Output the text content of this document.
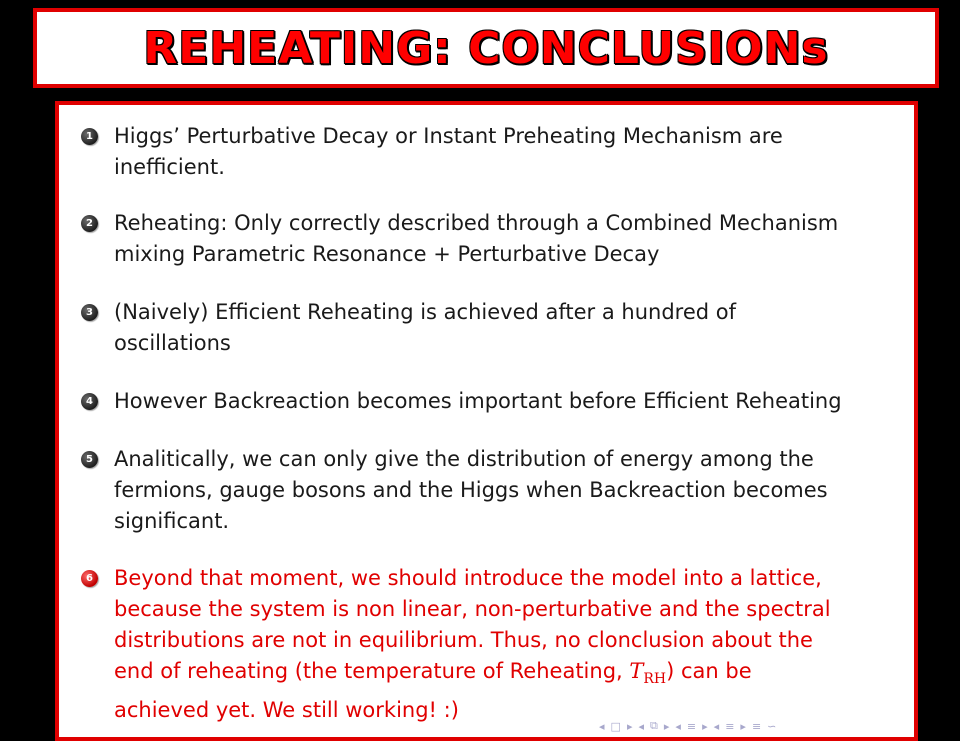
REHEATING: CONCLUSIONs
1 Higgs’ Perturbative Decay or Instant Preheating Mechanism are
inefficient.
2 Reheating: Only correctly described through a Combined Mechanism
mixing Parametric Resonance + Perturbative Decay
3 (Naively) Efficient Reheating is achieved after a hundred of
oscillations
4 However Backreaction becomes important before Efficient Reheating
5 Analitically, we can only give the distribution of energy among the
fermions, gauge bosons and the Higgs when Backreaction becomes
significant.
6 Beyond that moment, we should introduce the model into a lattice,
because the system is non linear, non-perturbative and the spectral
distributions are not in equilibrium. Thus, no clonclusion about the
end of reheating (the temperature of Reheating, $T_{RH}$) can be
achieved yet. We still working! :)
◂ □ ▸ ◂ ⧉ ▸ ◂ ≡ ▸ ◂ ≡ ▸ ≡ ∽
